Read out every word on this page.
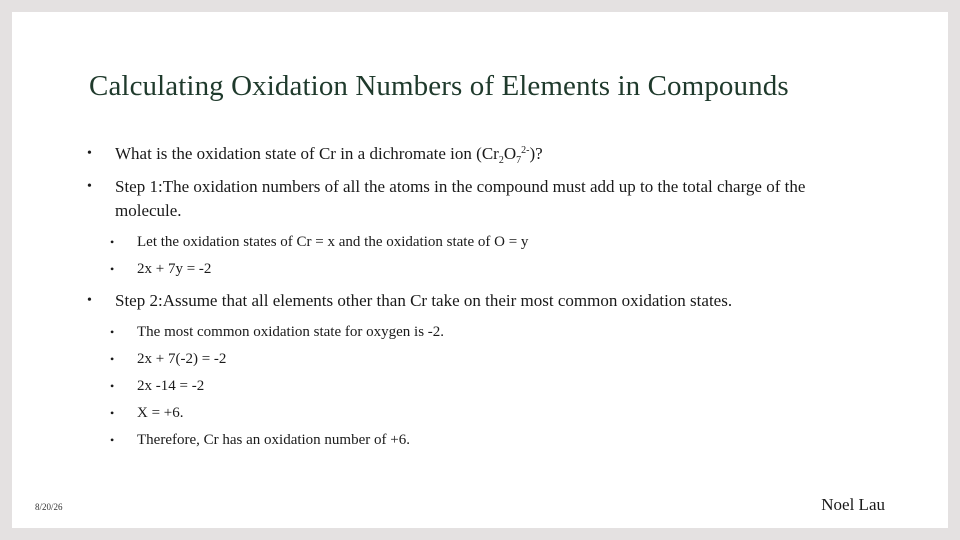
Calculating Oxidation Numbers of Elements in Compounds
• What is the oxidation state of Cr in a dichromate ion $(Cr_2O_7^{2-})$?
• Step 1:The oxidation numbers of all the atoms in the compound must add up to the total charge of the molecule.
• Let the oxidation states of Cr = x and the oxidation state of O = y
• 2x + 7y = -2
• Step 2:Assume that all elements other than Cr take on their most common oxidation states.
• The most common oxidation state for oxygen is -2.
• 2x + 7(-2) = -2
• 2x -14 = -2
• X = +6.
• Therefore, Cr has an oxidation number of +6.
8/20/26	Noel Lau
